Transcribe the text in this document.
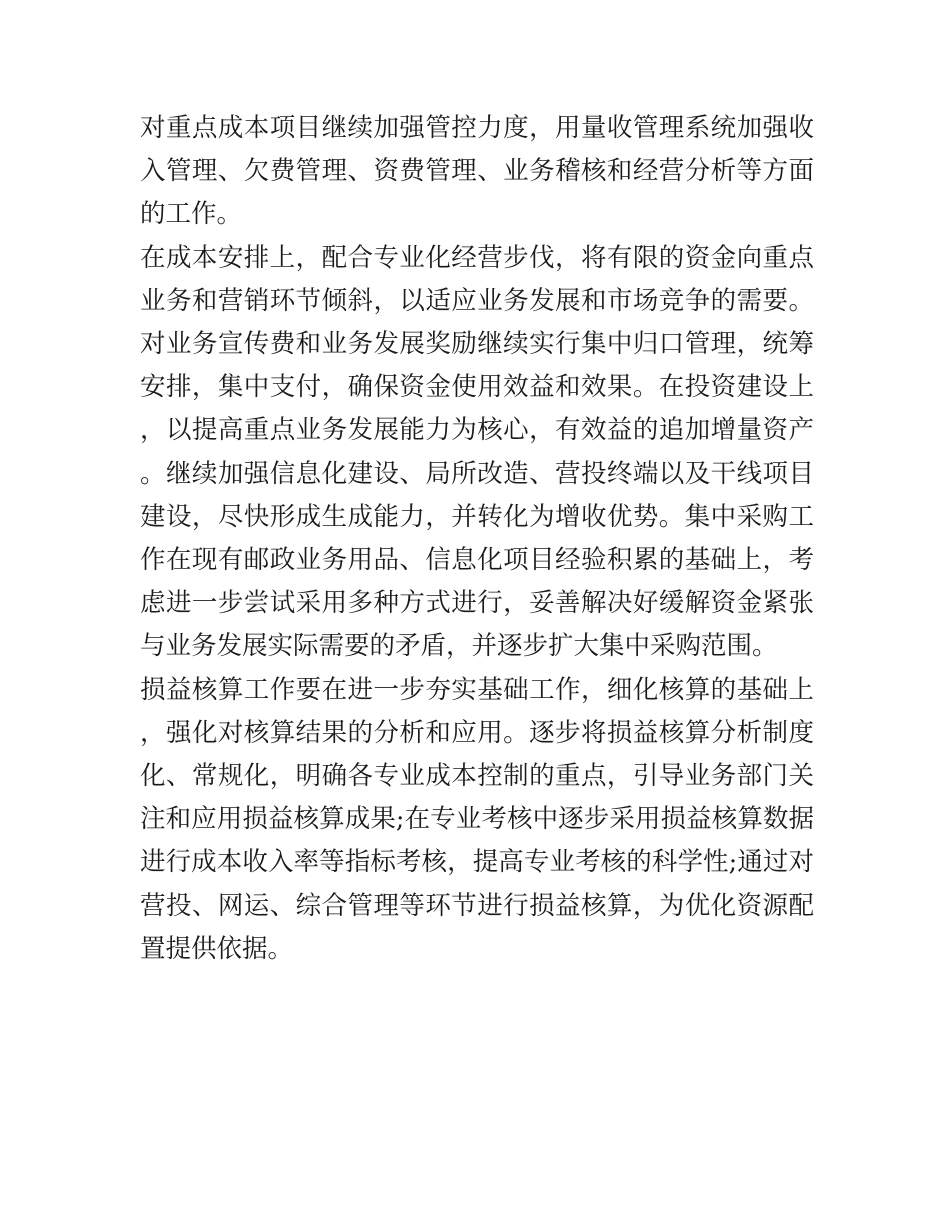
对重点成本项目继续加强管控力度，用量收管理系统加强收入管理、欠费管理、资费管理、业务稽核和经营分析等方面的工作。

在成本安排上，配合专业化经营步伐，将有限的资金向重点业务和营销环节倾斜，以适应业务发展和市场竞争的需要。对业务宣传费和业务发展奖励继续实行集中归口管理，统筹安排，集中支付，确保资金使用效益和效果。在投资建设上，以提高重点业务发展能力为核心，有效益的追加增量资产。继续加强信息化建设、局所改造、营投终端以及干线项目建设，尽快形成生成能力，并转化为增收优势。集中采购工作在现有邮政业务用品、信息化项目经验积累的基础上，考虑进一步尝试采用多种方式进行，妥善解决好缓解资金紧张与业务发展实际需要的矛盾，并逐步扩大集中采购范围。

损益核算工作要在进一步夯实基础工作，细化核算的基础上，强化对核算结果的分析和应用。逐步将损益核算分析制度化、常规化，明确各专业成本控制的重点，引导业务部门关注和应用损益核算成果;在专业考核中逐步采用损益核算数据进行成本收入率等指标考核，提高专业考核的科学性;通过对营投、网运、综合管理等环节进行损益核算，为优化资源配置提供依据。
